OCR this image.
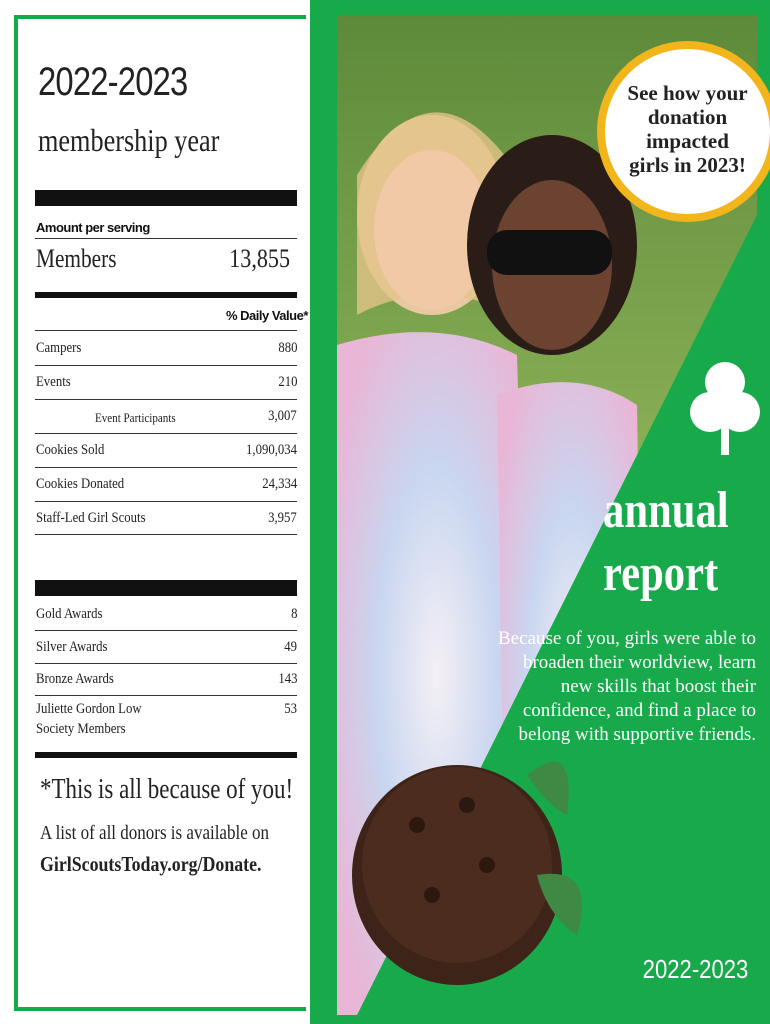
2022-2023
membership year
Amount per serving
Members	13,855
% Daily Value*
Campers	880
Events	210
Event Participants	3,007
Cookies Sold	1,090,034
Cookies Donated	24,334
Staff-Led Girl Scouts	3,957
Gold Awards	8
Silver Awards	49
Bronze Awards	143
Juliette Gordon Low	53
Society Members
*This is all because of you!
A list of all donors is available on
GirlScoutsToday.org/Donate.
See how your
donation
impacted
girls in 2023!
annual
report
Because of you, girls were able to broaden their worldview, learn new skills that boost their confidence, and find a place to belong with supportive friends.
2022-2023
